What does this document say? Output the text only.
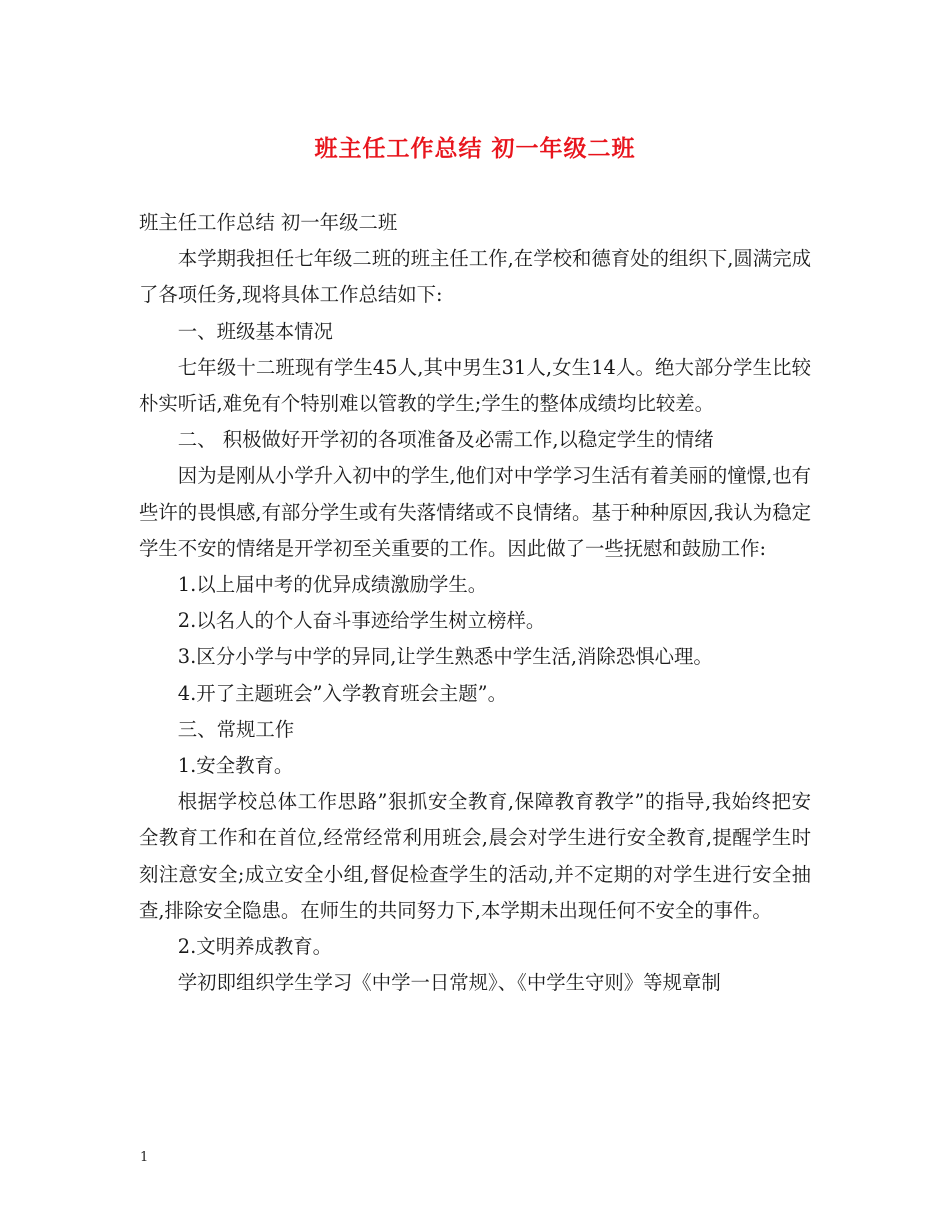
班主任工作总结 初一年级二班

班主任工作总结 初一年级二班

本学期我担任七年级二班的班主任工作,在学校和德育处的组织下,圆满完成了各项任务,现将具体工作总结如下:

一、班级基本情况

七年级十二班现有学生45人,其中男生31人,女生14人。绝大部分学生比较朴实听话,难免有个特别难以管教的学生;学生的整体成绩均比较差。

二、 积极做好开学初的各项准备及必需工作,以稳定学生的情绪

因为是刚从小学升入初中的学生,他们对中学学习生活有着美丽的憧憬,也有些许的畏惧感,有部分学生或有失落情绪或不良情绪。基于种种原因,我认为稳定学生不安的情绪是开学初至关重要的工作。因此做了一些抚慰和鼓励工作:

1.以上届中考的优异成绩激励学生。

2.以名人的个人奋斗事迹给学生树立榜样。

3.区分小学与中学的异同,让学生熟悉中学生活,消除恐惧心理。

4.开了主题班会”入学教育班会主题”。

三、常规工作

1.安全教育。

根据学校总体工作思路”狠抓安全教育,保障教育教学”的指导,我始终把安全教育工作和在首位,经常经常利用班会,晨会对学生进行安全教育,提醒学生时刻注意安全;成立安全小组,督促检查学生的活动,并不定期的对学生进行安全抽查,排除安全隐患。在师生的共同努力下,本学期未出现任何不安全的事件。

2.文明养成教育。

学初即组织学生学习《中学一日常规》、《中学生守则》等规章制

1
